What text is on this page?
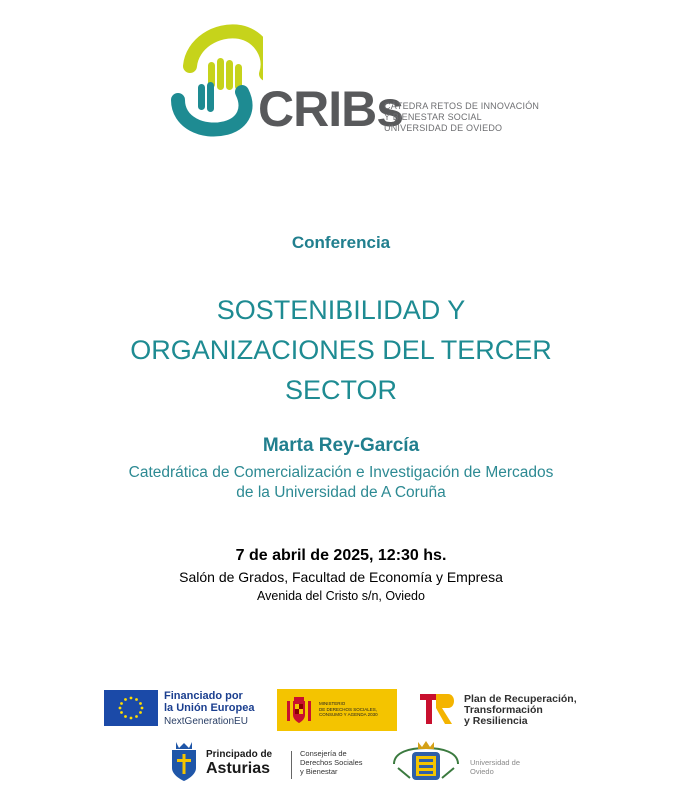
CRIBs
CÁTEDRA RETOS DE INNOVACIÓN
Y BIENESTAR SOCIAL
UNIVERSIDAD DE OVIEDO
Conferencia
SOSTENIBILIDAD Y
ORGANIZACIONES DEL TERCER
SECTOR
Marta Rey-García
Catedrática de Comercialización e Investigación de Mercados
de la Universidad de A Coruña
7 de abril de 2025, 12:30 hs.
Salón de Grados, Facultad de Economía y Empresa
Avenida del Cristo s/n, Oviedo
Financiado por
la Unión Europea
NextGenerationEU
MINISTERIO
DE DERECHOS SOCIALES,
CONSUMO Y AGENDA 2030
Plan de Recuperación,
Transformación
y Resiliencia
Principado de
Asturias
Consejería de
Derechos Sociales
y Bienestar
Universidad de
Oviedo
